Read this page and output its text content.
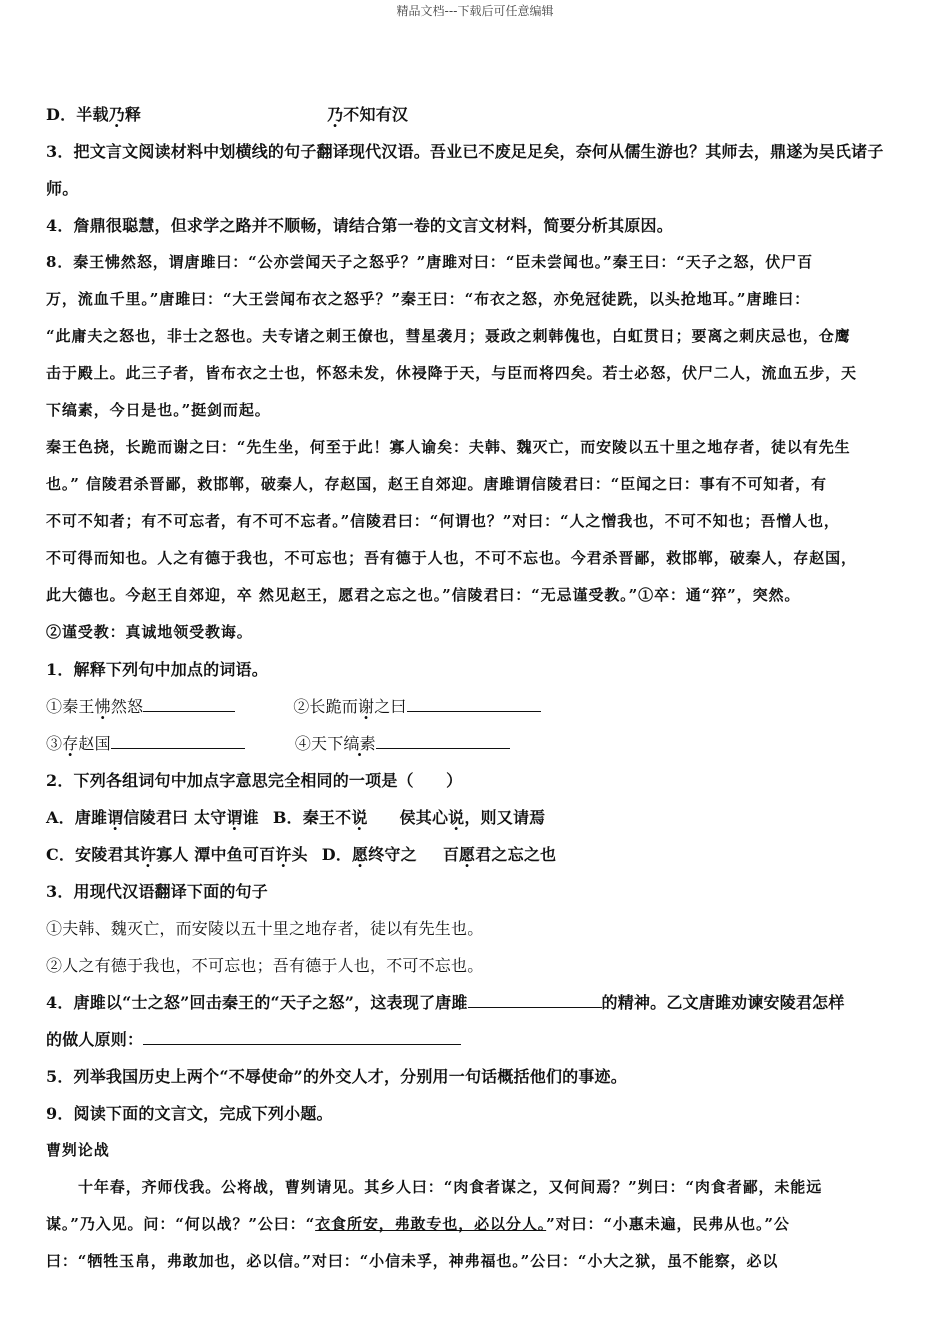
精品文档---下载后可任意编辑
D．半载乃释	乃不知有汉
3．把文言文阅读材料中划横线的句子翻译现代汉语。吾业已不废足足矣，奈何从儒生游也？其师去，鼎遂为吴氏诸子
师。
4．詹鼎很聪慧，但求学之路并不顺畅，请结合第一卷的文言文材料，简要分析其原因。
8．秦王怫然怒，谓唐雎曰：“公亦尝闻天子之怒乎？”唐雎对曰：“臣未尝闻也。”秦王曰：“天子之怒，伏尸百
万，流血千里。”唐雎曰：“大王尝闻布衣之怒乎？”秦王曰：“布衣之怒，亦免冠徒跣，以头抢地耳。”唐雎曰：
“此庸夫之怒也，非士之怒也。夫专诸之刺王僚也，彗星袭月；聂政之刺韩傀也，白虹贯日；要离之刺庆忌也，仓鹰
击于殿上。此三子者，皆布衣之士也，怀怒未发，休祲降于天，与臣而将四矣。若士必怒，伏尸二人，流血五步，天
下缟素，今日是也。”挺剑而起。
秦王色挠，长跪而谢之曰：“先生坐，何至于此！寡人谕矣：夫韩、魏灭亡，而安陵以五十里之地存者，徒以有先生
也。” 信陵君杀晋鄙，救邯郸，破秦人，存赵国，赵王自郊迎。唐雎谓信陵君曰：“臣闻之曰：事有不可知者，有
不可不知者；有不可忘者，有不可不忘者。”信陵君曰：“何谓也？”对曰：“人之憎我也，不可不知也；吾憎人也，
不可得而知也。人之有德于我也，不可忘也；吾有德于人也，不可不忘也。今君杀晋鄙，救邯郸，破秦人，存赵国，
此大德也。今赵王自郊迎，卒 然见赵王，愿君之忘之也。”信陵君曰：“无忌谨受教。”①卒：通“猝”，突然。
②谨受教：真诚地领受教诲。
1．解释下列句中加点的词语。
①秦王怫然怒	②长跪而谢之曰
③存赵国	④天下缟素
2．下列各组词句中加点字意思完全相同的一项是（　　）
A．唐雎谓信陵君曰 太守谓谁 B．秦王不说 侯其心说，则又请焉
C．安陵君其许寡人 潭中鱼可百许头 D．愿终守之 百愿君之忘之也
3．用现代汉语翻译下面的句子
①夫韩、魏灭亡，而安陵以五十里之地存者，徒以有先生也。
②人之有德于我也，不可忘也；吾有德于人也，不可不忘也。
4．唐雎以“士之怒”回击秦王的“天子之怒”，这表现了唐雎	的精神。乙文唐雎劝谏安陵君怎样
的做人原则：
5．列举我国历史上两个“不辱使命”的外交人才，分别用一句话概括他们的事迹。
9．阅读下面的文言文，完成下列小题。
曹刿论战
十年春，齐师伐我。公将战，曹刿请见。其乡人曰：“肉食者谋之，又何间焉？”刿曰：“肉食者鄙，未能远
谋。”乃入见。问：“何以战？”公曰：“衣食所安，弗敢专也，必以分人。”对曰：“小惠未遍，民弗从也。”公
曰：“牺牲玉帛，弗敢加也，必以信。”对曰：“小信未孚，神弗福也。”公曰：“小大之狱，虽不能察，必以
